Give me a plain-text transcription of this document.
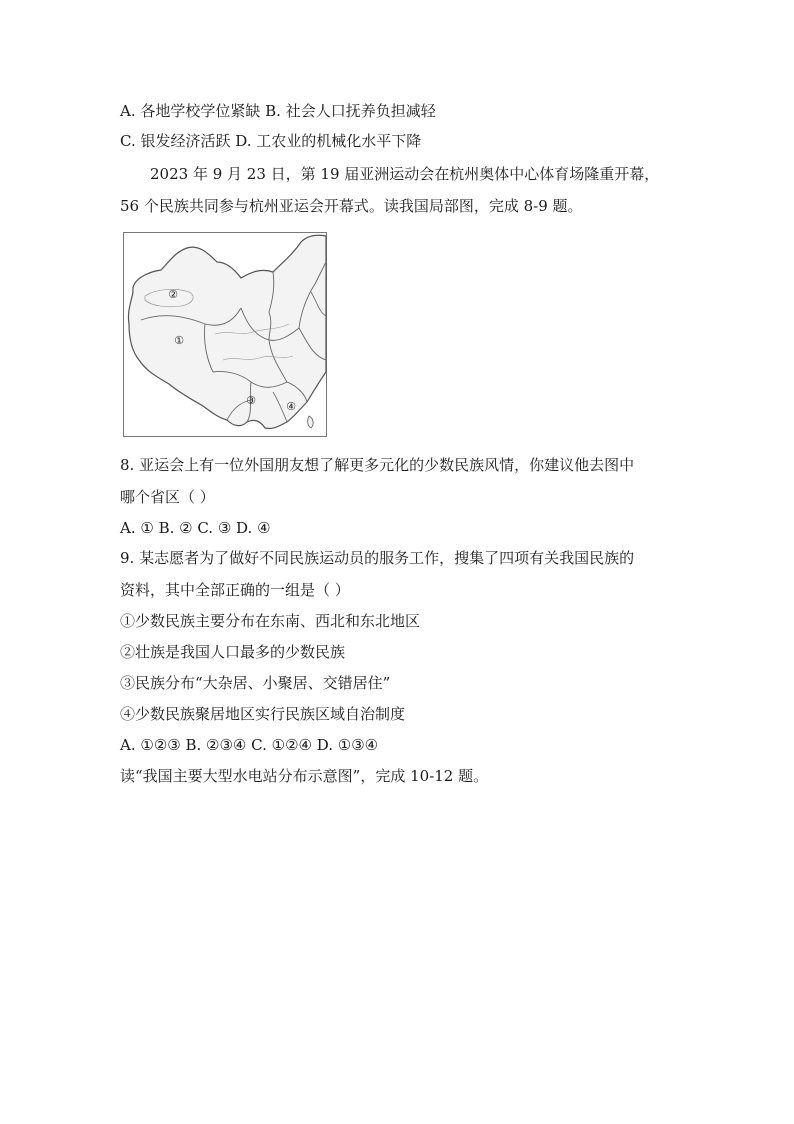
A. 各地学校学位紧缺 B. 社会人口抚养负担减轻
C. 银发经济活跃 D. 工农业的机械化水平下降
2023 年 9 月 23 日，第 19 届亚洲运动会在杭州奥体中心体育场隆重开幕，
56 个民族共同参与杭州亚运会开幕式。读我国局部图，完成 8-9 题。
②
①
③	④
8. 亚运会上有一位外国朋友想了解更多元化的少数民族风情，你建议他去图中
哪个省区（ ）
A. ① B. ② C. ③ D. ④
9. 某志愿者为了做好不同民族运动员的服务工作，搜集了四项有关我国民族的
资料，其中全部正确的一组是（ ）
①少数民族主要分布在东南、西北和东北地区
②壮族是我国人口最多的少数民族
③民族分布“大杂居、小聚居、交错居住”
④少数民族聚居地区实行民族区域自治制度
A. ①②③ B. ②③④ C. ①②④ D. ①③④
读“我国主要大型水电站分布示意图”，完成 10-12 题。
